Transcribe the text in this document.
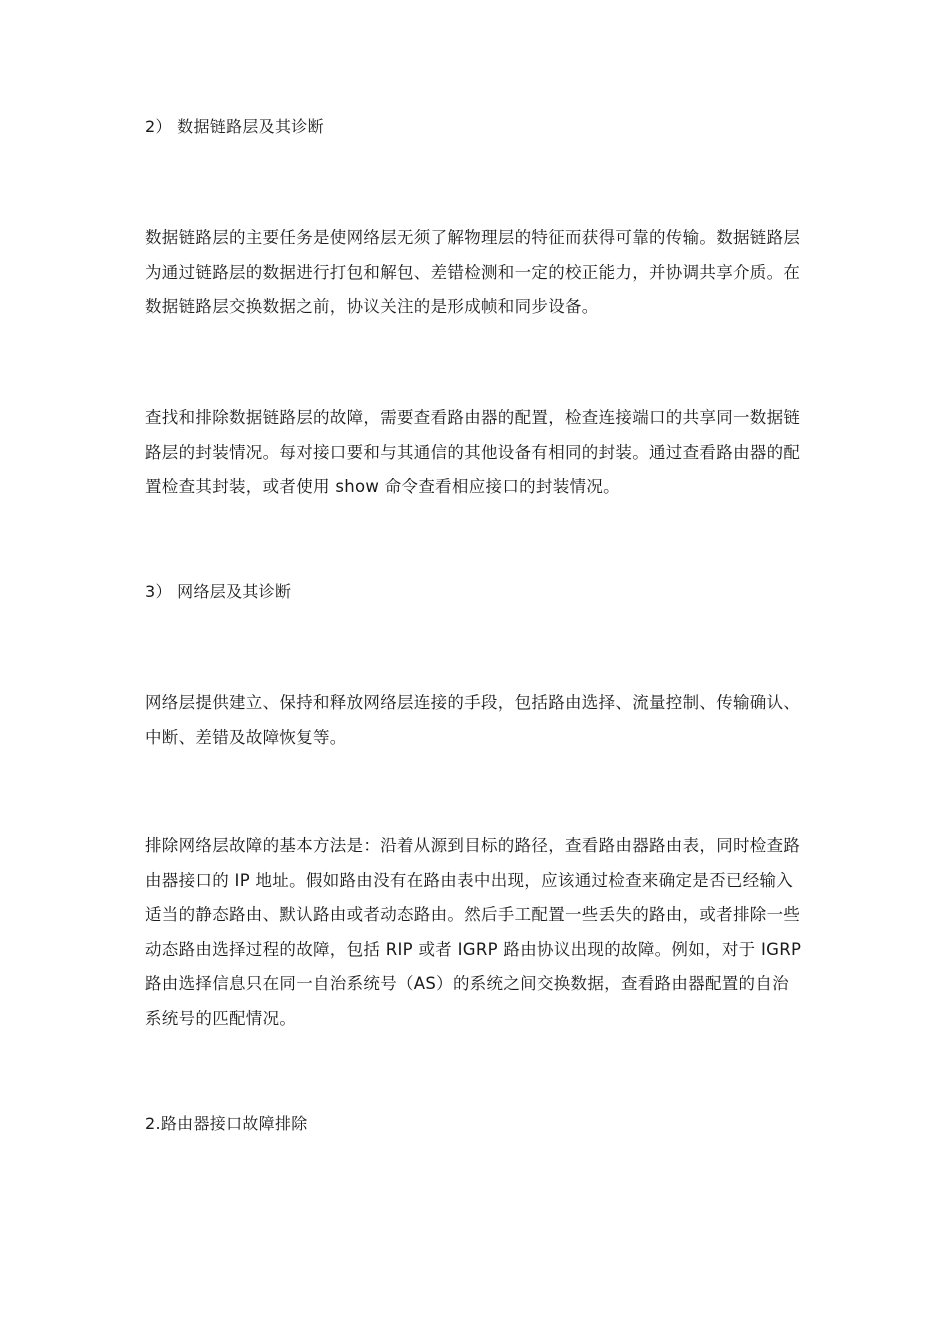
2） 数据链路层及其诊断

数据链路层的主要任务是使网络层无须了解物理层的特征而获得可靠的传输。数据链路层为通过链路层的数据进行打包和解包、差错检测和一定的校正能力，并协调共享介质。在数据链路层交换数据之前，协议关注的是形成帧和同步设备。

查找和排除数据链路层的故障，需要查看路由器的配置，检查连接端口的共享同一数据链路层的封装情况。每对接口要和与其通信的其他设备有相同的封装。通过查看路由器的配置检查其封装，或者使用 show 命令查看相应接口的封装情况。

3） 网络层及其诊断

网络层提供建立、保持和释放网络层连接的手段，包括路由选择、流量控制、传输确认、中断、差错及故障恢复等。

排除网络层故障的基本方法是：沿着从源到目标的路径，查看路由器路由表，同时检查路由器接口的 IP 地址。假如路由没有在路由表中出现，应该通过检查来确定是否已经输入适当的静态路由、默认路由或者动态路由。然后手工配置一些丢失的路由，或者排除一些动态路由选择过程的故障，包括 RIP 或者 IGRP 路由协议出现的故障。例如，对于 IGRP 路由选择信息只在同一自治系统号（AS）的系统之间交换数据，查看路由器配置的自治系统号的匹配情况。

2.路由器接口故障排除
